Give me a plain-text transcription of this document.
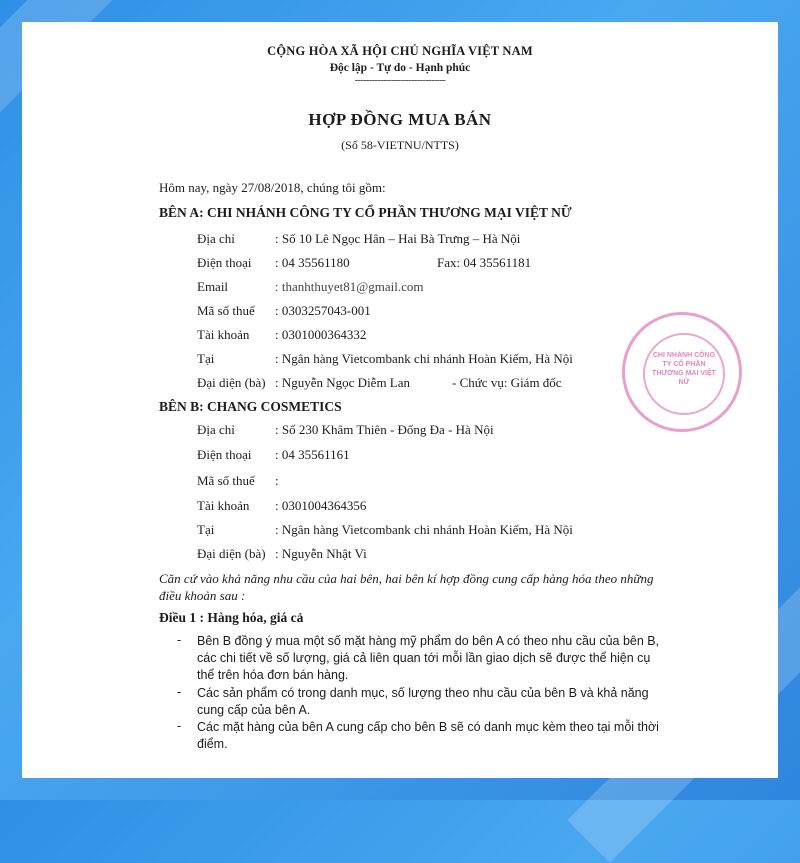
CỘNG HÒA XÃ HỘI CHỦ NGHĨA VIỆT NAM
Độc lập - Tự do - Hạnh phúc
--------------------------------
HỢP ĐỒNG MUA BÁN
(Số 58-VIETNU/NTTS)
Hôm nay, ngày 27/08/2018, chúng tôi gồm:
BÊN A: CHI NHÁNH CÔNG TY CỔ PHẦN THƯƠNG MẠI VIỆT NỮ
Địa chỉ	: Số 10 Lê Ngọc Hân – Hai Bà Trưng – Hà Nội
Điện thoại : 04 35561180	Fax: 04 35561181
Email	: thanhthuyet81@gmail.com
Mã số thuế : 0303257043-001
Tài khoản : 0301000364332
Tại	: Ngân hàng Vietcombank chi nhánh Hoàn Kiếm, Hà Nội
Đại diện (bà) : Nguyễn Ngọc Diễm Lan	- Chức vụ: Giám đốc
BÊN B: CHANG COSMETICS
Địa chỉ	: Số 230 Khâm Thiên - Đống Đa - Hà Nội
Điện thoại : 04 35561161
Mã số thuế :
Tài khoản : 0301004364356
Tại	: Ngân hàng Vietcombank chi nhánh Hoàn Kiếm, Hà Nội
Đại diện (bà) : Nguyễn Nhật Vi
Căn cứ vào khả năng nhu cầu của hai bên, hai bên kí hợp đồng cung cấp hàng hóa theo những điều khoản sau :
Điều 1 : Hàng hóa, giá cả
- Bên B đồng ý mua một số mặt hàng mỹ phẩm do bên A có theo nhu cầu của bên B, các chi tiết về số lượng, giá cả liên quan tới mỗi lần giao dịch sẽ được thể hiện cụ thể trên hóa đơn bán hàng.
- Các sản phẩm có trong danh mục, số lượng theo nhu cầu của bên B và khả năng cung cấp của bên A.
- Các mặt hàng của bên A cung cấp cho bên B sẽ có danh mục kèm theo tại mỗi thời điểm.
CHI NHÁNH CÔNG TY CỔ PHẦN THƯƠNG MẠI VIỆT NỮ
